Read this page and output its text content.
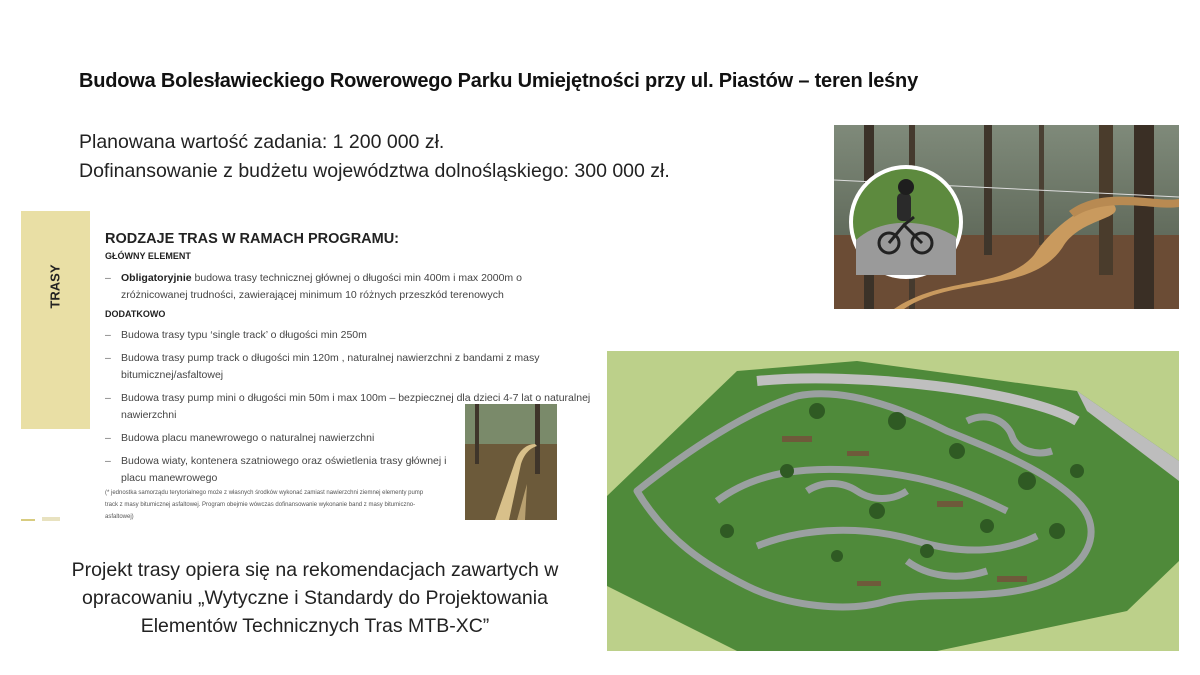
Budowa Bolesławieckiego Rowerowego Parku Umiejętności przy ul. Piastów – teren leśny
Planowana wartość zadania: 1 200 000 zł.
Dofinansowanie z budżetu województwa dolnośląskiego: 300 000 zł.
TRASY
RODZAJE TRAS W RAMACH PROGRAMU:
GŁÓWNY ELEMENT
– Obligatoryjnie budowa trasy technicznej głównej o długości min 400m i max 2000m o zróżnicowanej trudności, zawierającej minimum 10 różnych przeszkód terenowych
DODATKOWO
– Budowa trasy typu ‘single track’ o długości min 250m
– Budowa trasy pump track o długości min 120m , naturalnej nawierzchni z bandami z masy bitumicznej/asfaltowej
– Budowa trasy pump mini o długości min 50m i max 100m – bezpiecznej dla dzieci 4-7 lat o naturalnej nawierzchni
– Budowa placu manewrowego o naturalnej nawierzchni
– Budowa wiaty, kontenera szatniowego oraz oświetlenia trasy głównej i placu manewrowego
(* jednostka samorządu terytorialnego może z własnych środków wykonać zamiast nawierzchni ziemnej elementy pump track z masy bitumicznej asfaltowej. Program obejmie wówczas dofinansowanie wykonanie band z masy bitumiczno-asfaltowej)
Projekt trasy opiera się na rekomendacjach zawartych w opracowaniu „Wytyczne i Standardy do Projektowania Elementów Technicznych Tras MTB-XC”
